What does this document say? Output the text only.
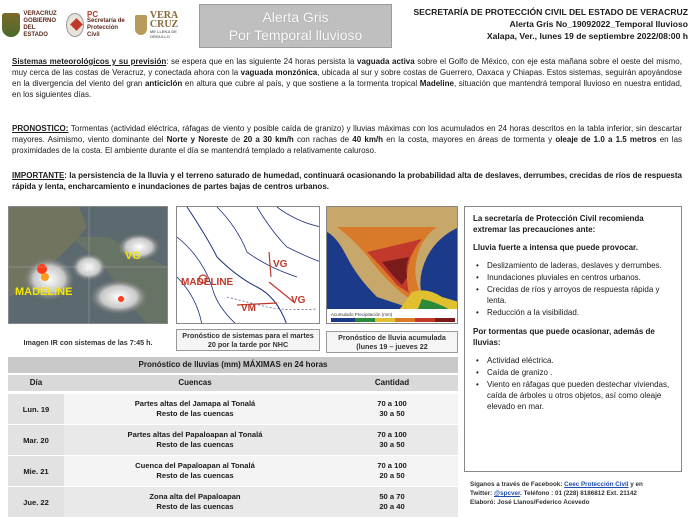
VERACRUZ
GOBIERNO
DEL ESTADO
PC
Secretaría de
Protección Civil
VERA
CRUZ
ME LLENA DE ORGULLO
Alerta Gris
Por Temporal lluvioso
SECRETARÍA DE PROTECCIÓN CIVIL DEL ESTADO DE VERACRUZ
Alerta Gris No_19092022_Temporal lluvioso
Xalapa, Ver., lunes 19 de septiembre 2022/08:00 h
Sistemas meteorológicos y su previsión: se espera que en las siguiente 24 horas persista la vaguada activa sobre el Golfo de México, con eje esta mañana sobre el oeste del mismo, muy cerca de las costas de Veracruz, y conectada ahora con la vaguada monzónica, ubicada al sur y sobre costas de Guerrero, Oaxaca y Chiapas. Estos sistemas, seguirán apoyándose en la divergencia del viento del gran anticiclón en altura que cubre al país, y que sostiene a la tormenta tropical Madeline, situación que mantendrá temporal lluvioso en nuestra entidad, en los siguientes días.
PRONOSTICO: Tormentas (actividad eléctrica, ráfagas de viento y posible caída de granizo) y lluvias máximas con los acumulados en 24 horas descritos en la tabla inferior, sin descartar mayores. Asimismo, viento dominante del Norte y Noreste de 20 a 30 km/h con rachas de 40 km/h en la costa, mayores en áreas de tormenta y oleaje de 1.0 a 1.5 metros en las proximidades de la costa. El ambiente durante el día se mantendrá templado a relativamente caluroso.
IMPORTANTE: la persistencia de la lluvia y el terreno saturado de humedad, continuará ocasionando la probabilidad alta de deslaves, derrumbes, crecidas de ríos de respuesta rápida y lenta, encharcamiento e inundaciones de partes bajas de centros urbanos.
VG
MADELINE
MADELINE
VG
VM
VG
Acumulado Precipitación (mm)
Imagen IR con sistemas de las 7:45 h.
Pronóstico de sistemas para el martes 20 por la tarde por NHC
Pronóstico de lluvia acumulada (lunes 19 – jueves 22
Pronóstico de lluvias (mm) MÁXIMAS en 24 horas
Día	Cuencas	Cantidad
Lun. 19
Partes altas del Jamapa al Tonalá
Resto de las cuencas
70 a 100
30 a 50
Mar. 20
Partes altas del Papaloapan al Tonalá
Resto de las cuencas
70 a 100
30 a 50
Mie. 21
Cuenca del Papaloapan al Tonalá
Resto de las cuencas
70 a 100
20 a 50
Jue. 22
Zona alta del Papaloapan
Resto de las cuencas
50 a 70
20 a 40
La secretaría de Protección Civil recomienda extremar las precauciones ante:
Lluvia fuerte a intensa que puede provocar.
• Deslizamiento de laderas, deslaves y derrumbes.
• Inundaciones pluviales en centros urbanos.
• Crecidas de ríos y arroyos de respuesta rápida y lenta.
• Reducción a la visibilidad.
Por tormentas que puede ocasionar, además de lluvias:
• Actividad eléctrica.
• Caída de granizo .
• Viento en ráfagas que pueden destechar viviendas, caída de árboles u otros objetos, así como oleaje elevado en mar.
Síganos a través de Facebook: Ceec Protección Civil y en
Twitter: @spcver. Teléfono : 01 (228) 8186812 Ext. 21142
Elaboró: José Llanos/Federico Acevedo
